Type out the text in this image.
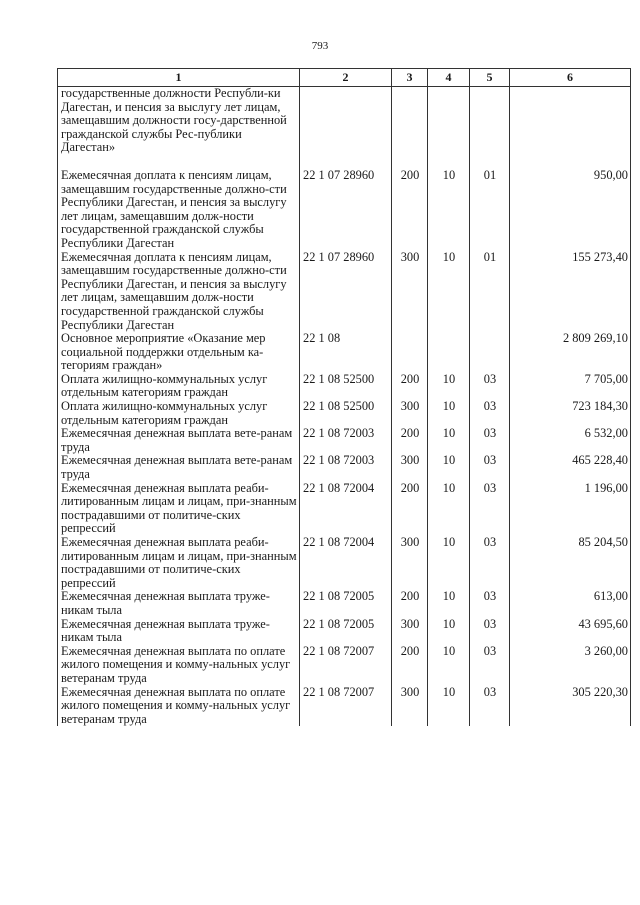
793
1	2	3	4	5	6
государственные должности Республи-ки Дагестан, и пенсия за выслугу лет лицам, замещавшим должности госу-дарственной гражданской службы Рес-публики Дагестан»					
Ежемесячная доплата к пенсиям лицам, замещавшим государственные должно-сти Республики Дагестан, и пенсия за выслугу лет лицам, замещавшим долж-ности государственной гражданской службы Республики Дагестан	22 1 07 28960	200	10	01	950,00
Ежемесячная доплата к пенсиям лицам, замещавшим государственные должно-сти Республики Дагестан, и пенсия за выслугу лет лицам, замещавшим долж-ности государственной гражданской службы Республики Дагестан	22 1 07 28960	300	10	01	155 273,40
Основное мероприятие «Оказание мер социальной поддержки отдельным ка-тегориям граждан»	22 1 08				2 809 269,10
Оплата жилищно-коммунальных услуг отдельным категориям граждан	22 1 08 52500	200	10	03	7 705,00
Оплата жилищно-коммунальных услуг отдельным категориям граждан	22 1 08 52500	300	10	03	723 184,30
Ежемесячная денежная выплата вете-ранам труда	22 1 08 72003	200	10	03	6 532,00
Ежемесячная денежная выплата вете-ранам труда	22 1 08 72003	300	10	03	465 228,40
Ежемесячная денежная выплата реаби-литированным лицам и лицам, при-знанным пострадавшими от политиче-ских репрессий	22 1 08 72004	200	10	03	1 196,00
Ежемесячная денежная выплата реаби-литированным лицам и лицам, при-знанным пострадавшими от политиче-ских репрессий	22 1 08 72004	300	10	03	85 204,50
Ежемесячная денежная выплата труже-никам тыла	22 1 08 72005	200	10	03	613,00
Ежемесячная денежная выплата труже-никам тыла	22 1 08 72005	300	10	03	43 695,60
Ежемесячная денежная выплата по оплате жилого помещения и комму-нальных услуг ветеранам труда	22 1 08 72007	200	10	03	3 260,00
Ежемесячная денежная выплата по оплате жилого помещения и комму-нальных услуг ветеранам труда	22 1 08 72007	300	10	03	305 220,30
